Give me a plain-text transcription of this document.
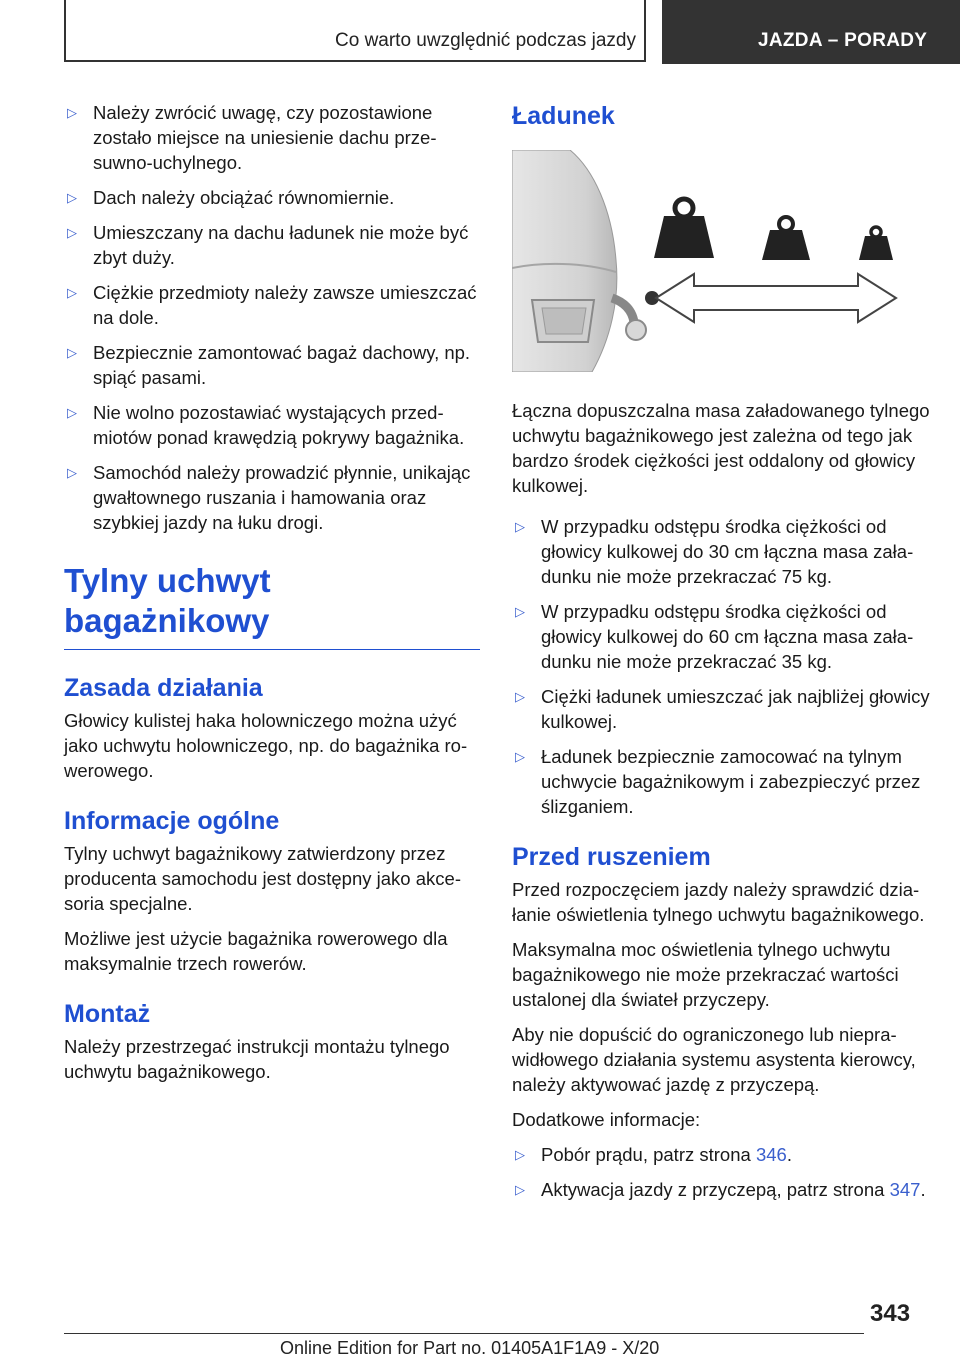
Co warto uwzględnić podczas jazdy	JAZDA – PORADY
▷ Należy zwrócić uwagę, czy pozostawione zostało miejsce na uniesienie dachu przesuwno-uchylnego.
▷ Dach należy obciążać równomiernie.
▷ Umieszczany na dachu ładunek nie może być zbyt duży.
▷ Ciężkie przedmioty należy zawsze umieszczać na dole.
▷ Bezpiecznie zamontować bagaż dachowy, np. spiąć pasami.
▷ Nie wolno pozostawiać wystających przedmiotów ponad krawędzią pokrywy bagażnika.
▷ Samochód należy prowadzić płynnie, unikając gwałtownego ruszania i hamowania oraz szybkiej jazdy na łuku drogi.
Tylny uchwyt bagażnikowy
Zasada działania

Głowicy kulistej haka holowniczego można użyć jako uchwytu holowniczego, np. do bagażnika rowerowego.

Informacje ogólne

Tylny uchwyt bagażnikowy zatwierdzony przez producenta samochodu jest dostępny jako akcesoria specjalne.

Możliwe jest użycie bagażnika rowerowego dla maksymalnie trzech rowerów.

Montaż

Należy przestrzegać instrukcji montażu tylnego uchwytu bagażnikowego.

Ładunek

Łączna dopuszczalna masa załadowanego tylnego uchwytu bagażnikowego jest zależna od tego jak bardzo środek ciężkości jest oddalony od głowicy kulkowej.

▷ W przypadku odstępu środka ciężkości od głowicy kulkowej do 30 cm łączna masa załadunku nie może przekraczać 75 kg.
▷ W przypadku odstępu środka ciężkości od głowicy kulkowej do 60 cm łączna masa załadunku nie może przekraczać 35 kg.
▷ Ciężki ładunek umieszczać jak najbliżej głowicy kulkowej.
▷ Ładunek bezpiecznie zamocować na tylnym uchwycie bagażnikowym i zabezpieczyć przez ślizganiem.
Przed ruszeniem

Przed rozpoczęciem jazdy należy sprawdzić działanie oświetlenia tylnego uchwytu bagażnikowego.

Maksymalna moc oświetlenia tylnego uchwytu bagażnikowego nie może przekraczać wartości ustalonej dla świateł przyczepy.

Aby nie dopuścić do ograniczonego lub nieprawidłowego działania systemu asystenta kierowcy, należy aktywować jazdę z przyczepą.

Dodatkowe informacje:

▷ Pobór prądu, patrz strona 346.
▷ Aktywacja jazdy z przyczepą, patrz strona 347.
343
Online Edition for Part no. 01405A1F1A9 - X/20
